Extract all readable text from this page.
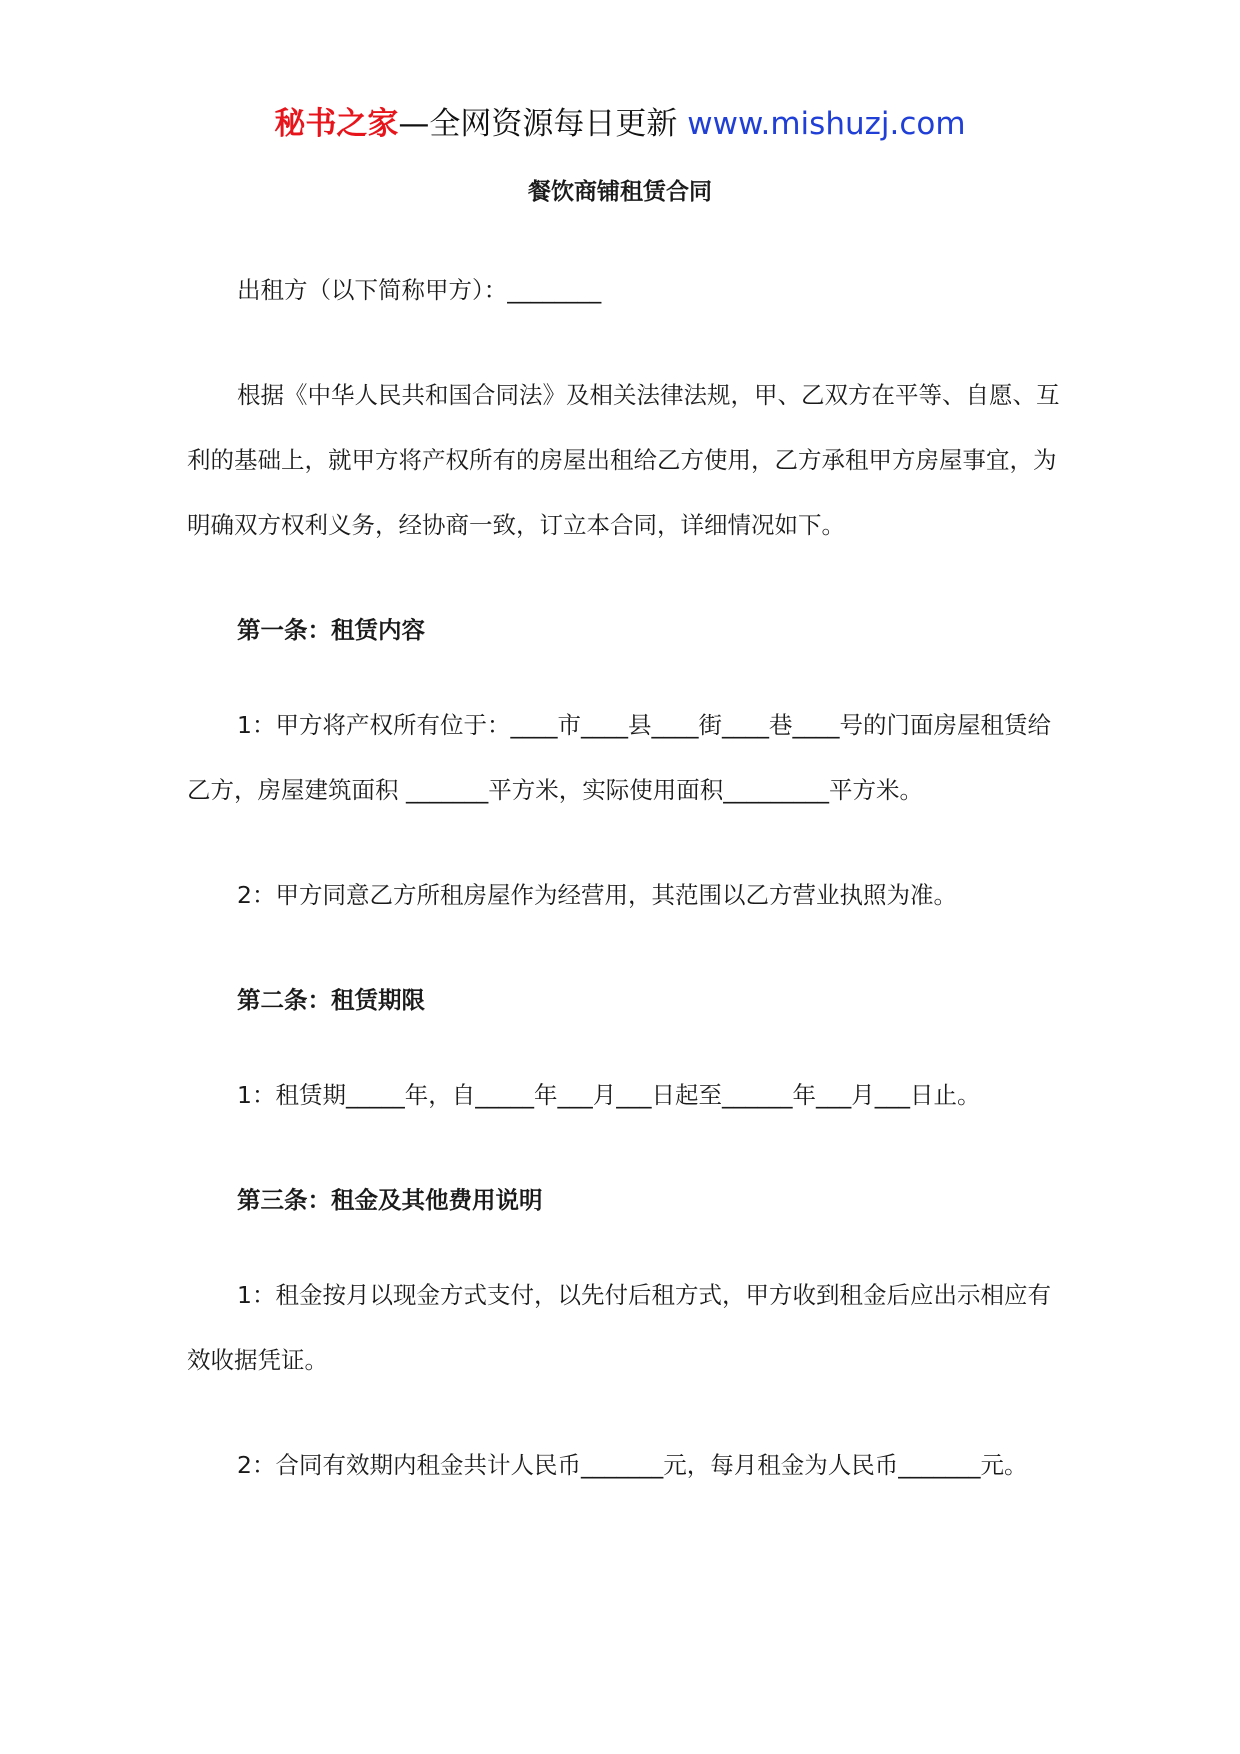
秘书之家—全网资源每日更新 www.mishuzj.com
餐饮商铺租赁合同

出租方（以下简称甲方）：________

根据《中华人民共和国合同法》及相关法律法规，甲、乙双方在平等、自愿、互利的基础上，就甲方将产权所有的房屋出租给乙方使用，乙方承租甲方房屋事宜，为明确双方权利义务，经协商一致，订立本合同，详细情况如下。

第一条：租赁内容

1：甲方将产权所有位于：____市____县____街____巷____号的门面房屋租赁给乙方，房屋建筑面积 _______平方米，实际使用面积_________平方米。

2：甲方同意乙方所租房屋作为经营用，其范围以乙方营业执照为准。

第二条：租赁期限

1：租赁期_____年，自_____年___月___日起至______年___月___日止。

第三条：租金及其他费用说明

1：租金按月以现金方式支付，以先付后租方式，甲方收到租金后应出示相应有效收据凭证。

2：合同有效期内租金共计人民币_______元，每月租金为人民币_______元。
